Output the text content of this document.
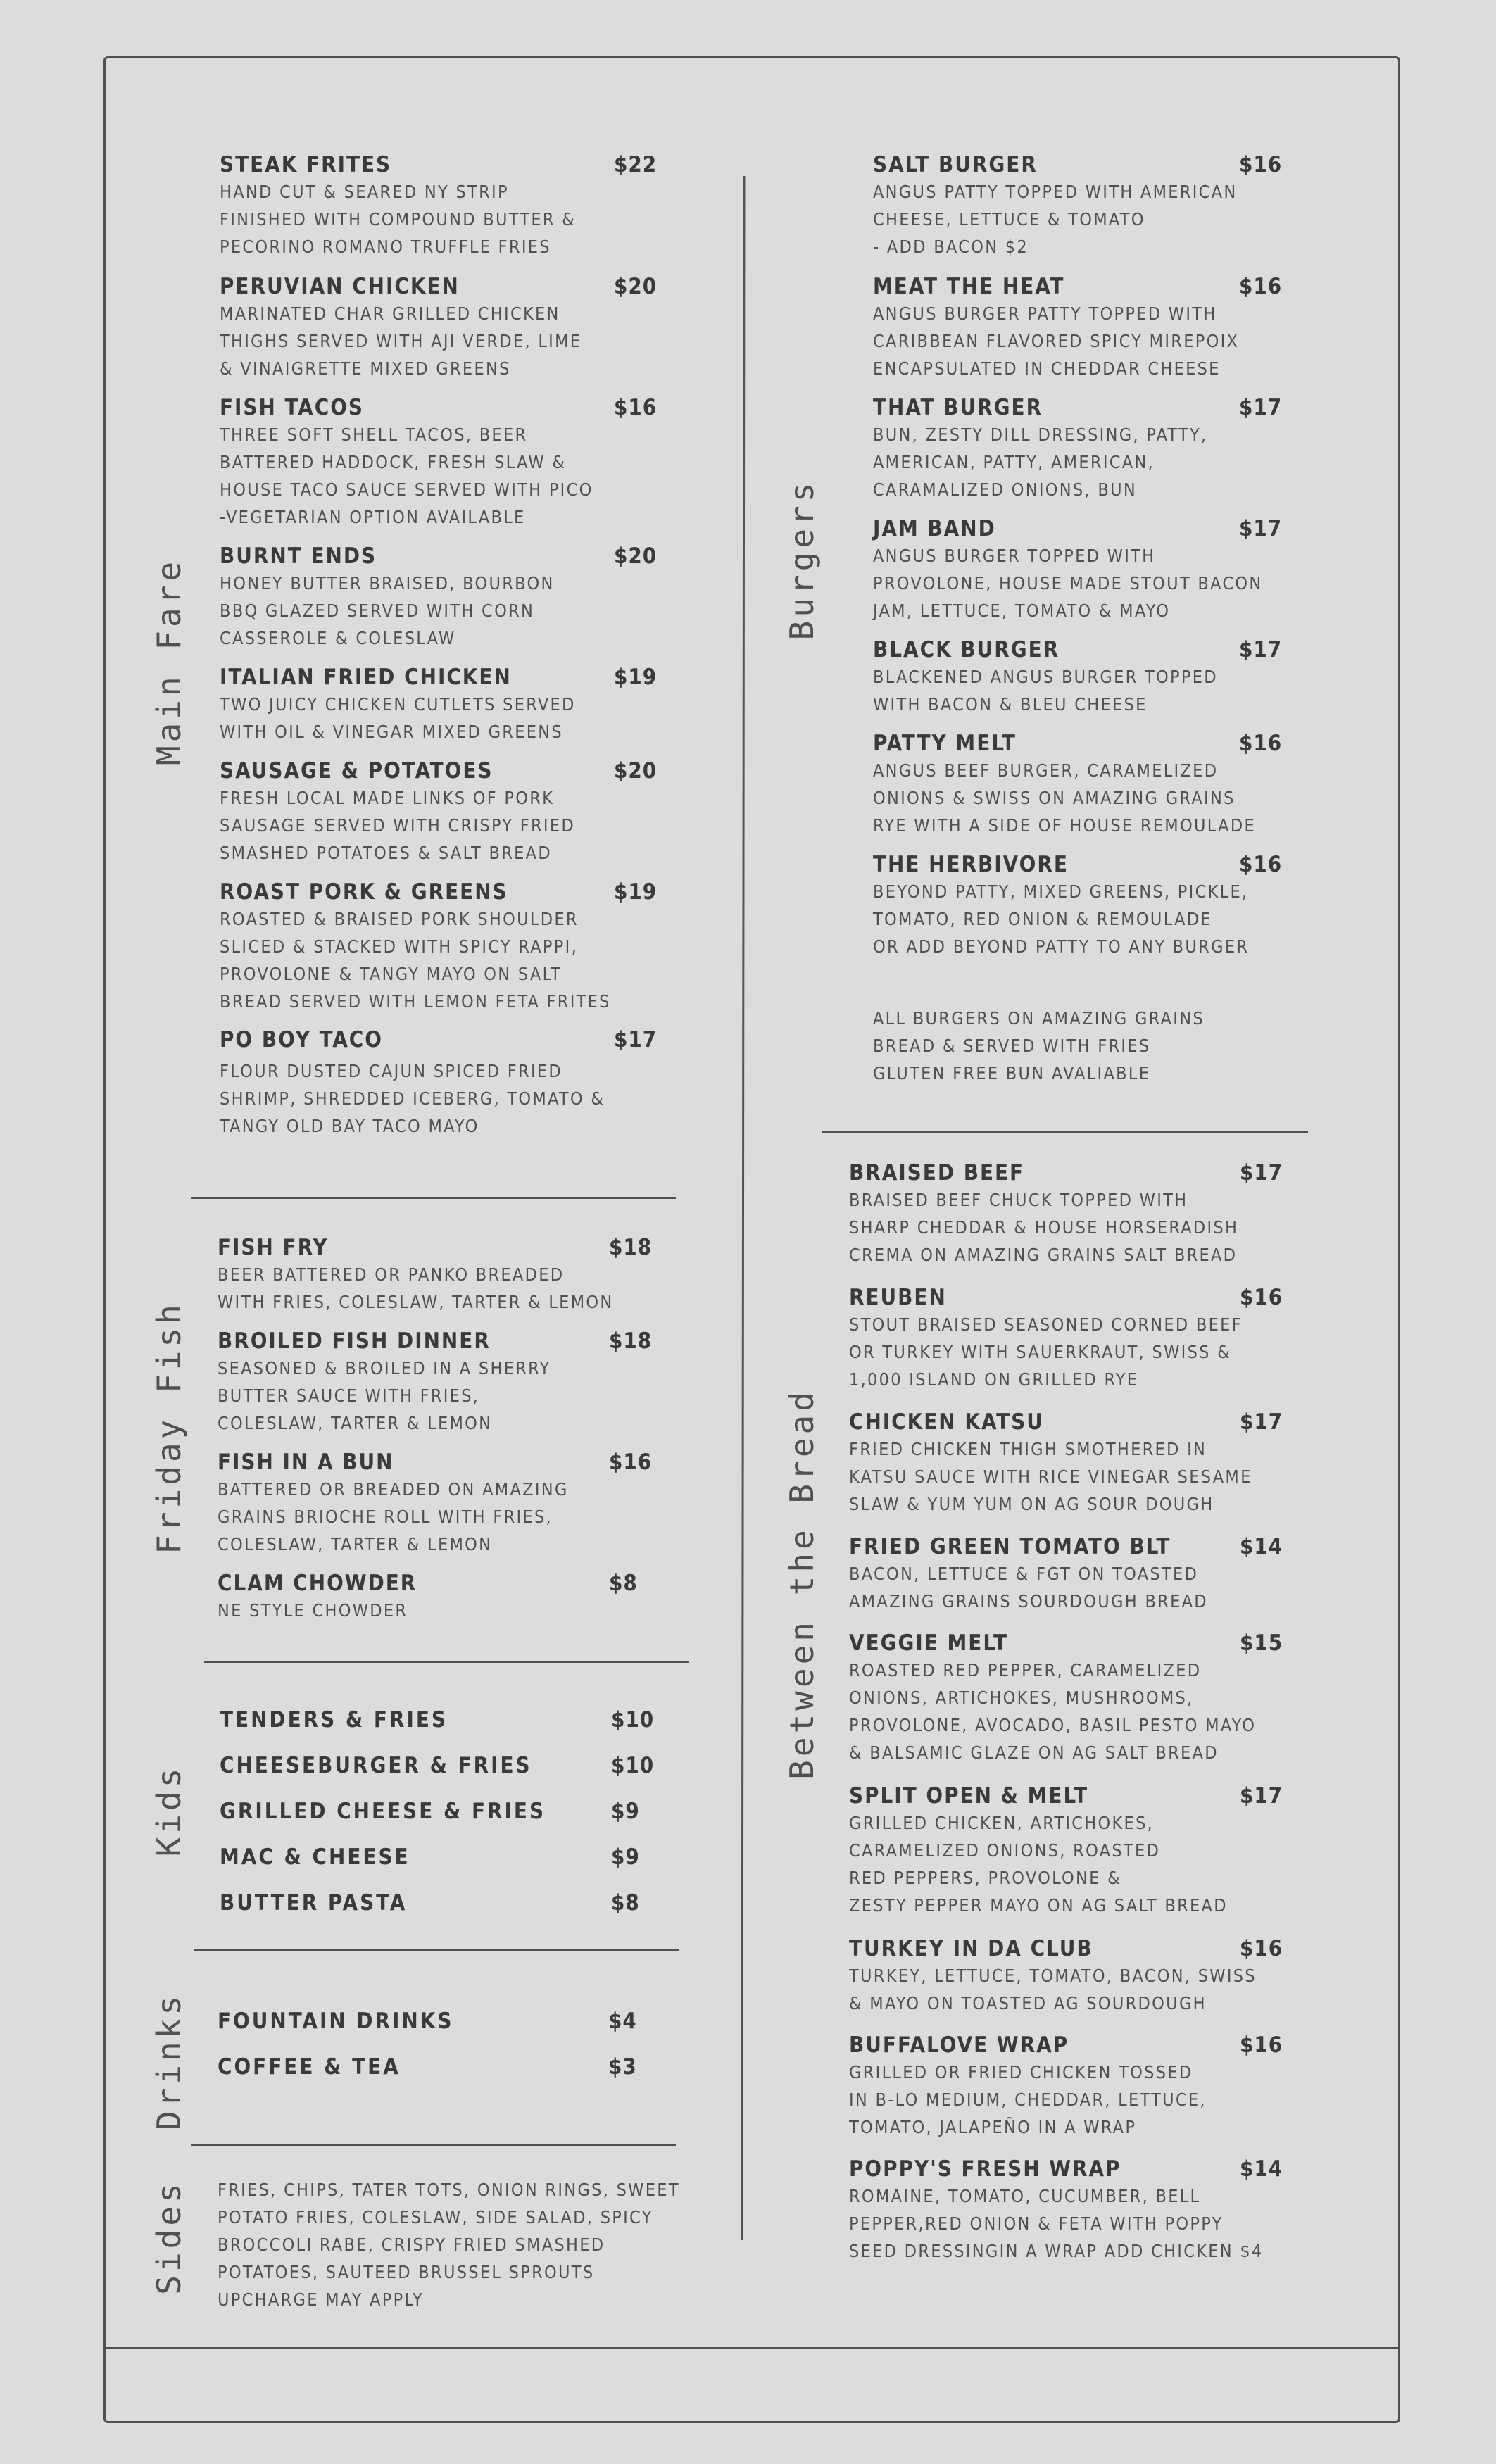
Main Fare
Friday Fish
Kids
Drinks
Sides
Burgers
Between the Bread
STEAK FRITES	$22
HAND CUT & SEARED NY STRIP
FINISHED WITH COMPOUND BUTTER &
PECORINO ROMANO TRUFFLE FRIES
PERUVIAN CHICKEN	$20
MARINATED CHAR GRILLED CHICKEN
THIGHS SERVED WITH AJI VERDE, LIME
& VINAIGRETTE MIXED GREENS
FISH TACOS	$16
THREE SOFT SHELL TACOS, BEER
BATTERED HADDOCK, FRESH SLAW &
HOUSE TACO SAUCE SERVED WITH PICO
-VEGETARIAN OPTION AVAILABLE
BURNT ENDS	$20
HONEY BUTTER BRAISED, BOURBON
BBQ GLAZED SERVED WITH CORN
CASSEROLE & COLESLAW
ITALIAN FRIED CHICKEN	$19
TWO JUICY CHICKEN CUTLETS SERVED
WITH OIL & VINEGAR MIXED GREENS
SAUSAGE & POTATOES	$20
FRESH LOCAL MADE LINKS OF PORK
SAUSAGE SERVED WITH CRISPY FRIED
SMASHED POTATOES & SALT BREAD
ROAST PORK & GREENS	$19
ROASTED & BRAISED PORK SHOULDER
SLICED & STACKED WITH SPICY RAPPI,
PROVOLONE & TANGY MAYO ON SALT
BREAD SERVED WITH LEMON FETA FRITES
PO BOY TACO	$17
FLOUR DUSTED CAJUN SPICED FRIED
SHRIMP, SHREDDED ICEBERG, TOMATO &
TANGY OLD BAY TACO MAYO
FISH FRY	$18
BEER BATTERED OR PANKO BREADED
WITH FRIES, COLESLAW, TARTER & LEMON
BROILED FISH DINNER	$18
SEASONED & BROILED IN A SHERRY
BUTTER SAUCE WITH FRIES,
COLESLAW, TARTER & LEMON
FISH IN A BUN	$16
BATTERED OR BREADED ON AMAZING
GRAINS BRIOCHE ROLL WITH FRIES,
COLESLAW, TARTER & LEMON
CLAM CHOWDER	$8
NE STYLE CHOWDER
TENDERS & FRIES	$10
CHEESEBURGER & FRIES	$10
GRILLED CHEESE & FRIES	$9
MAC & CHEESE	$9
BUTTER PASTA	$8
FOUNTAIN DRINKS	$4
COFFEE & TEA	$3
FRIES, CHIPS, TATER TOTS, ONION RINGS, SWEET
POTATO FRIES, COLESLAW, SIDE SALAD, SPICY
BROCCOLI RABE, CRISPY FRIED SMASHED
POTATOES, SAUTEED BRUSSEL SPROUTS
UPCHARGE MAY APPLY
SALT BURGER	$16
ANGUS PATTY TOPPED WITH AMERICAN
CHEESE, LETTUCE & TOMATO
- ADD BACON $2
MEAT THE HEAT	$16
ANGUS BURGER PATTY TOPPED WITH
CARIBBEAN FLAVORED SPICY MIREPOIX
ENCAPSULATED IN CHEDDAR CHEESE
THAT BURGER	$17
BUN, ZESTY DILL DRESSING, PATTY,
AMERICAN, PATTY, AMERICAN,
CARAMALIZED ONIONS, BUN
JAM BAND	$17
ANGUS BURGER TOPPED WITH
PROVOLONE, HOUSE MADE STOUT BACON
JAM, LETTUCE, TOMATO & MAYO
BLACK BURGER	$17
BLACKENED ANGUS BURGER TOPPED
WITH BACON & BLEU CHEESE
PATTY MELT	$16
ANGUS BEEF BURGER, CARAMELIZED
ONIONS & SWISS ON AMAZING GRAINS
RYE WITH A SIDE OF HOUSE REMOULADE
THE HERBIVORE	$16
BEYOND PATTY, MIXED GREENS, PICKLE,
TOMATO, RED ONION & REMOULADE
OR ADD BEYOND PATTY TO ANY BURGER
ALL BURGERS ON AMAZING GRAINS
BREAD & SERVED WITH FRIES
GLUTEN FREE BUN AVALIABLE
BRAISED BEEF	$17
BRAISED BEEF CHUCK TOPPED WITH
SHARP CHEDDAR & HOUSE HORSERADISH
CREMA ON AMAZING GRAINS SALT BREAD
REUBEN	$16
STOUT BRAISED SEASONED CORNED BEEF
OR TURKEY WITH SAUERKRAUT, SWISS &
1,000 ISLAND ON GRILLED RYE
CHICKEN KATSU	$17
FRIED CHICKEN THIGH SMOTHERED IN
KATSU SAUCE WITH RICE VINEGAR SESAME
SLAW & YUM YUM ON AG SOUR DOUGH
FRIED GREEN TOMATO BLT	$14
BACON, LETTUCE & FGT ON TOASTED
AMAZING GRAINS SOURDOUGH BREAD
VEGGIE MELT	$15
ROASTED RED PEPPER, CARAMELIZED
ONIONS, ARTICHOKES, MUSHROOMS,
PROVOLONE, AVOCADO, BASIL PESTO MAYO
& BALSAMIC GLAZE ON AG SALT BREAD
SPLIT OPEN & MELT	$17
GRILLED CHICKEN, ARTICHOKES,
CARAMELIZED ONIONS, ROASTED
RED PEPPERS, PROVOLONE &
ZESTY PEPPER MAYO ON AG SALT BREAD
TURKEY IN DA CLUB	$16
TURKEY, LETTUCE, TOMATO, BACON, SWISS
& MAYO ON TOASTED AG SOURDOUGH
BUFFALOVE WRAP	$16
GRILLED OR FRIED CHICKEN TOSSED
IN B-LO MEDIUM, CHEDDAR, LETTUCE,
TOMATO, JALAPEÑO IN A WRAP
POPPY'S FRESH WRAP	$14
ROMAINE, TOMATO, CUCUMBER, BELL
PEPPER,RED ONION & FETA WITH POPPY
SEED DRESSINGIN A WRAP ADD CHICKEN $4
